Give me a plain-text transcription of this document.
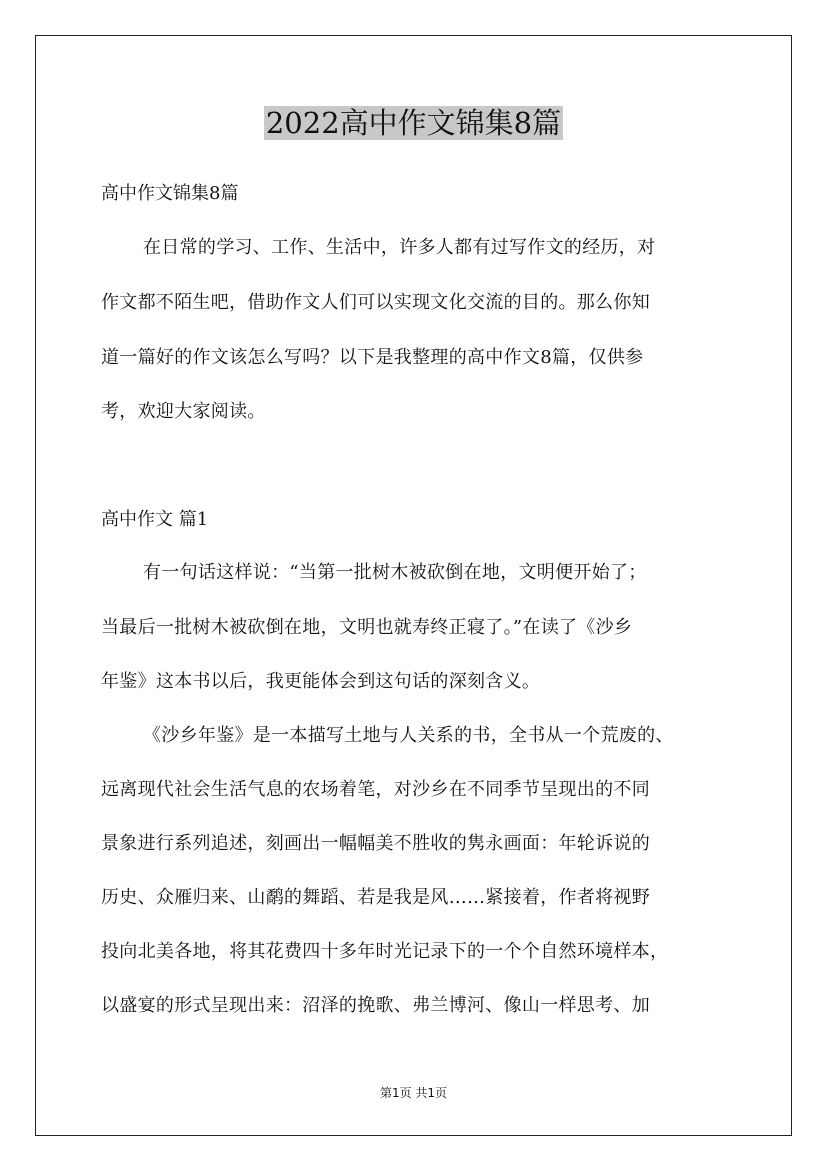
2022高中作文锦集8篇

高中作文锦集8篇

在日常的学习、工作、生活中，许多人都有过写作文的经历，对

作文都不陌生吧，借助作文人们可以实现文化交流的目的。那么你知

道一篇好的作文该怎么写吗？以下是我整理的高中作文8篇，仅供参

考，欢迎大家阅读。

高中作文 篇1

有一句话这样说：“当第一批树木被砍倒在地，文明便开始了；

当最后一批树木被砍倒在地，文明也就寿终正寝了。”在读了《沙乡

年鉴》这本书以后，我更能体会到这句话的深刻含义。

《沙乡年鉴》是一本描写土地与人关系的书，全书从一个荒废的、

远离现代社会生活气息的农场着笔，对沙乡在不同季节呈现出的不同

景象进行系列追述，刻画出一幅幅美不胜收的隽永画面：年轮诉说的

历史、众雁归来、山鹬的舞蹈、若是我是风……紧接着，作者将视野

投向北美各地，将其花费四十多年时光记录下的一个个自然环境样本，

以盛宴的形式呈现出来：沼泽的挽歌、弗兰博河、像山一样思考、加

第1页 共1页
